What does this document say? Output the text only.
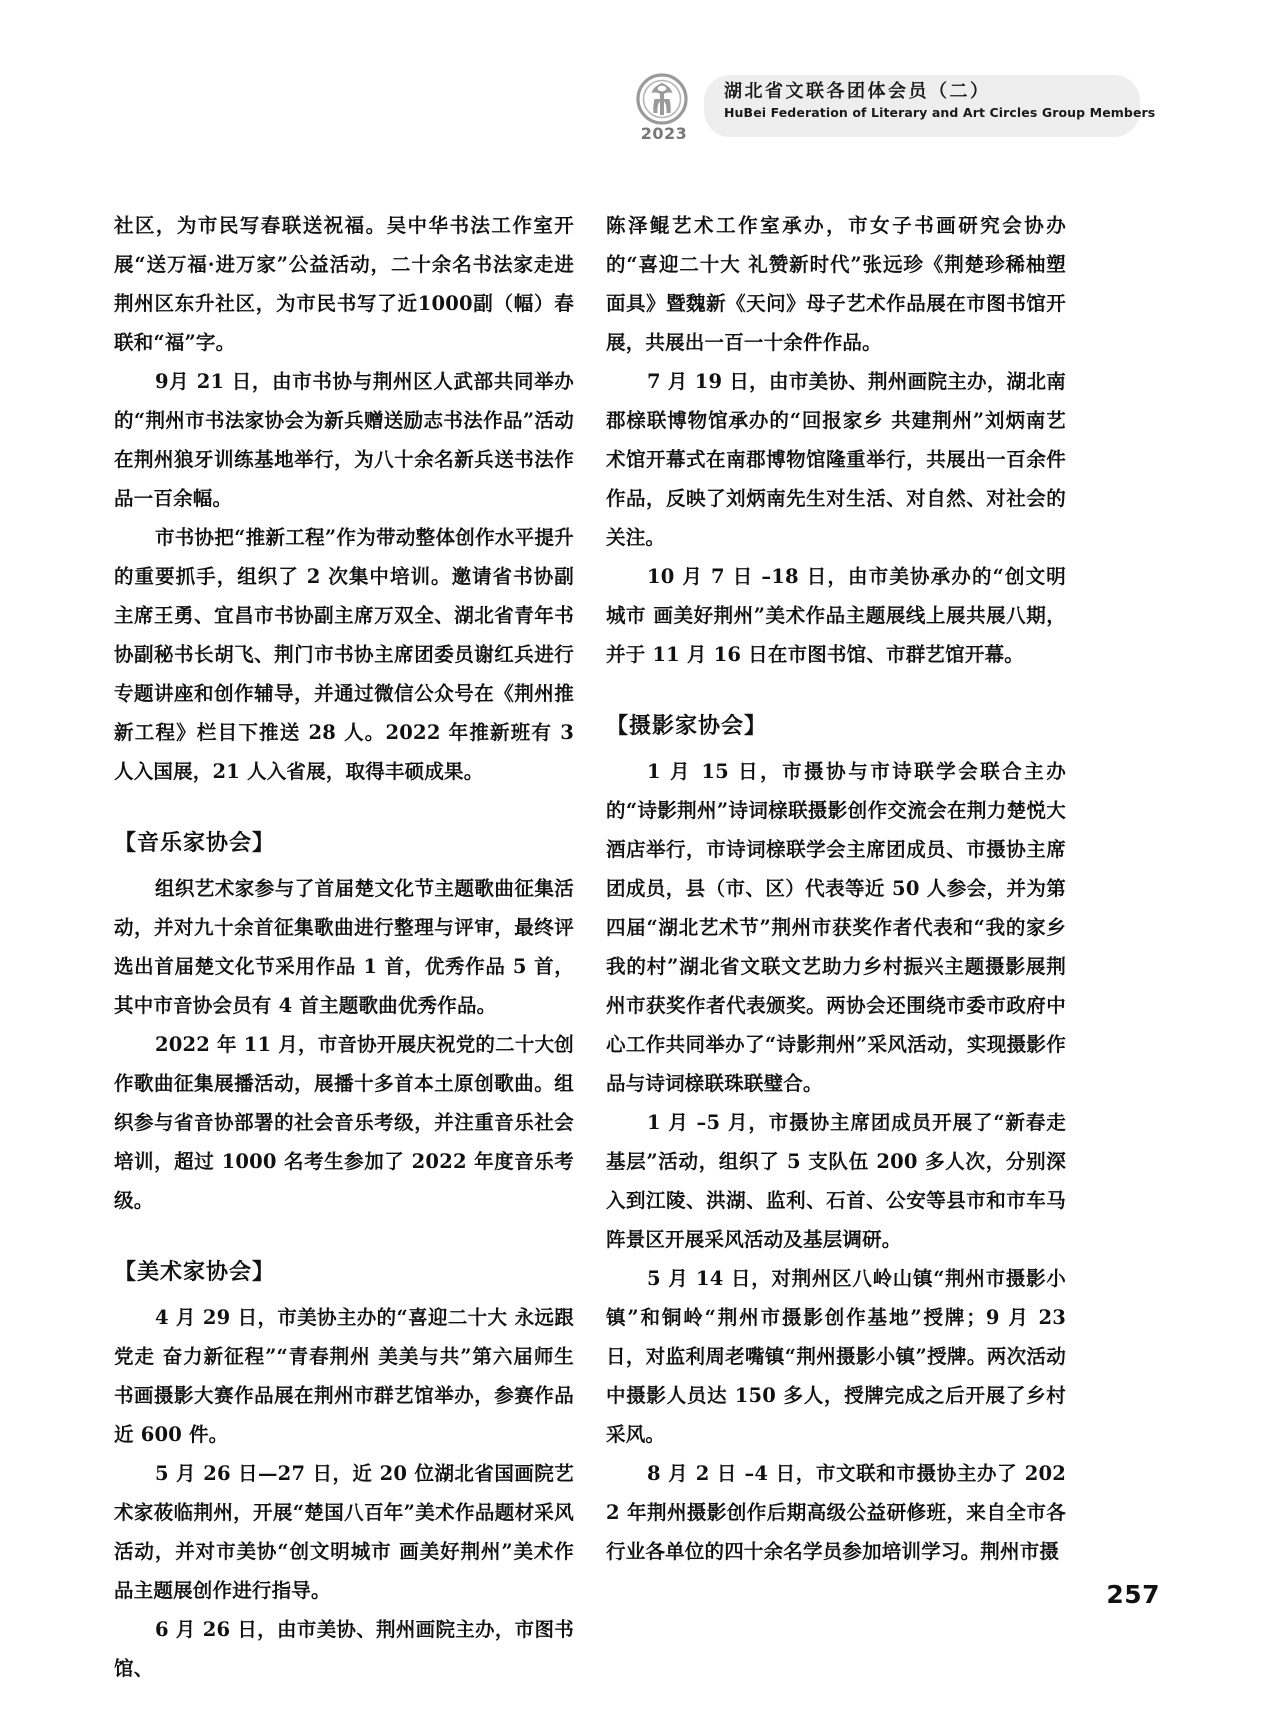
2023
湖北省文联各团体会员（二）
HuBei Federation of Literary and Art Circles Group Members
社区，为市民写春联送祝福。吴中华书法工作室开展“送万福·进万家”公益活动，二十余名书法家走进荆州区东升社区，为市民书写了近1000副（幅）春联和“福”字。
9月 21 日，由市书协与荆州区人武部共同举办的“荆州市书法家协会为新兵赠送励志书法作品”活动在荆州狼牙训练基地举行，为八十余名新兵送书法作品一百余幅。
市书协把“推新工程”作为带动整体创作水平提升的重要抓手，组织了 2 次集中培训。邀请省书协副主席王勇、宜昌市书协副主席万双全、湖北省青年书协副秘书长胡飞、荆门市书协主席团委员谢红兵进行专题讲座和创作辅导，并通过微信公众号在《荆州推新工程》栏目下推送 28 人。2022 年推新班有 3 人入国展，21 人入省展，取得丰硕成果。
【音乐家协会】
组织艺术家参与了首届楚文化节主题歌曲征集活动，并对九十余首征集歌曲进行整理与评审，最终评选出首届楚文化节采用作品 1 首，优秀作品 5 首，其中市音协会员有 4 首主题歌曲优秀作品。
2022 年 11 月，市音协开展庆祝党的二十大创作歌曲征集展播活动，展播十多首本土原创歌曲。组织参与省音协部署的社会音乐考级，并注重音乐社会培训，超过 1000 名考生参加了 2022 年度音乐考级。
【美术家协会】
4 月 29 日，市美协主办的“喜迎二十大 永远跟党走 奋力新征程”“青春荆州 美美与共”第六届师生书画摄影大赛作品展在荆州市群艺馆举办，参赛作品近 600 件。
5 月 26 日—27 日，近 20 位湖北省国画院艺术家莜临荆州，开展“楚国八百年”美术作品题材采风活动，并对市美协“创文明城市 画美好荆州”美术作品主题展创作进行指导。
6 月 26 日，由市美协、荆州画院主办，市图书馆、
陈泽鲲艺术工作室承办，市女子书画研究会协办的“喜迎二十大 礼赞新时代”张远珍《荆楚珍稀柚塑面具》暨魏新《天问》母子艺术作品展在市图书馆开展，共展出一百一十余件作品。
7 月 19 日，由市美协、荆州画院主办，湖北南郡榇联博物馆承办的“回报家乡 共建荆州”刘炳南艺术馆开幕式在南郡博物馆隆重举行，共展出一百余件作品，反映了刘炳南先生对生活、对自然、对社会的关注。
10 月 7 日 –18 日，由市美协承办的“创文明城市 画美好荆州”美术作品主题展线上展共展八期，并于 11 月 16 日在市图书馆、市群艺馆开幕。
【摄影家协会】
1 月 15 日，市摄协与市诗联学会联合主办的“诗影荆州”诗词榇联摄影创作交流会在荆力楚悦大酒店举行，市诗词榇联学会主席团成员、市摄协主席团成员，县（市、区）代表等近 50 人参会，并为第四届“湖北艺术节”荆州市获奖作者代表和“我的家乡我的村”湖北省文联文艺助力乡村振兴主题摄影展荆州市获奖作者代表颁奖。两协会还围绕市委市政府中心工作共同举办了“诗影荆州”采风活动，实现摄影作品与诗词榇联珠联璧合。
1 月 –5 月，市摄协主席团成员开展了“新春走基层”活动，组织了 5 支队伍 200 多人次，分别深入到江陵、洪湖、监利、石首、公安等县市和市车马阵景区开展采风活动及基层调研。
5 月 14 日，对荆州区八岭山镇“荆州市摄影小镇”和铜岭“荆州市摄影创作基地”授牌；9 月 23 日，对监利周老嘴镇“荆州摄影小镇”授牌。两次活动中摄影人员达 150 多人，授牌完成之后开展了乡村采风。
8 月 2 日 –4 日，市文联和市摄协主办了 2022 年荆州摄影创作后期高级公益研修班，来自全市各行业各单位的四十余名学员参加培训学习。荆州市摄
257
